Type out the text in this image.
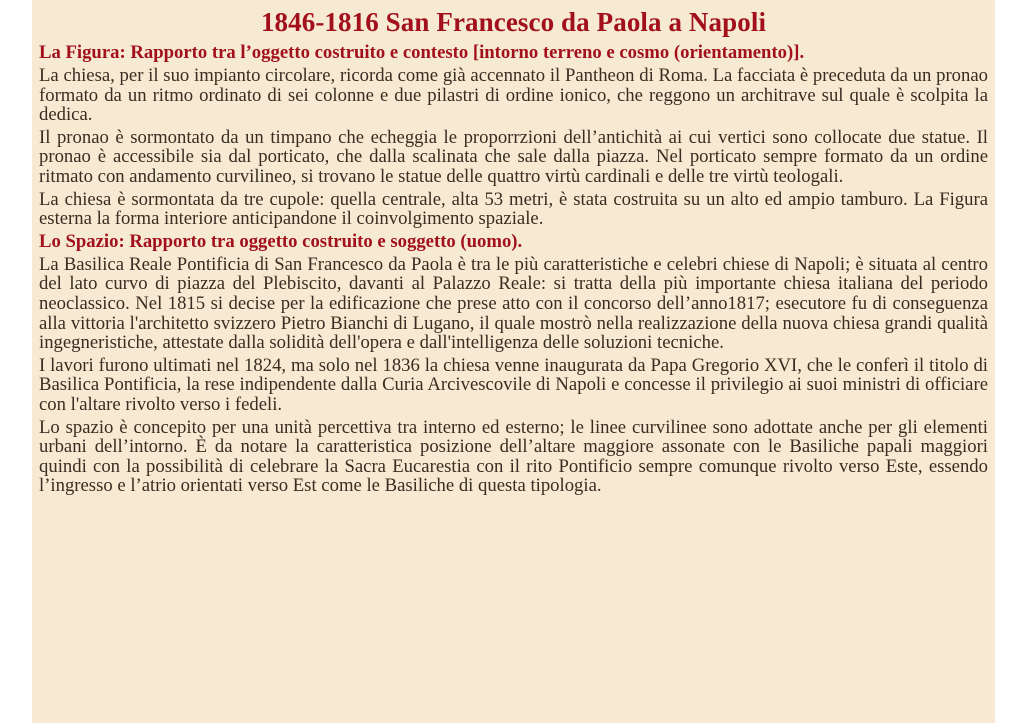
1846-1816 San Francesco da Paola a Napoli
La Figura: Rapporto tra l’oggetto costruito e contesto [intorno terreno e cosmo (orientamento)].

La chiesa, per il suo impianto circolare, ricorda come già accennato il Pantheon di Roma. La facciata è preceduta da un pronao formato da un ritmo ordinato di sei colonne e due pilastri di ordine ionico, che reggono un architrave sul quale è scolpita la dedica.

Il pronao è sormontato da un timpano che echeggia le proporrzioni dell’antichità ai cui vertici sono collocate due statue. Il pronao è accessibile sia dal porticato, che dalla scalinata che sale dalla piazza. Nel porticato sempre formato da un ordine ritmato con andamento curvilineo, si trovano le statue delle quattro virtù cardinali e delle tre virtù teologali.

La chiesa è sormontata da tre cupole: quella centrale, alta 53 metri, è stata costruita su un alto ed ampio tamburo. La Figura esterna la forma interiore anticipandone il coinvolgimento spaziale.

Lo Spazio: Rapporto tra oggetto costruito e soggetto (uomo).

La Basilica Reale Pontificia di San Francesco da Paola è tra le più caratteristiche e celebri chiese di Napoli; è situata al centro del lato curvo di piazza del Plebiscito, davanti al Palazzo Reale: si tratta della più importante chiesa italiana del periodo neoclassico. Nel 1815 si decise per la edificazione che prese atto con il concorso dell’anno1817; esecutore fu di conseguenza alla vittoria l'architetto svizzero Pietro Bianchi di Lugano, il quale mostrò nella realizzazione della nuova chiesa grandi qualità ingegneristiche, attestate dalla solidità dell'opera e dall'intelligenza delle soluzioni tecniche.

I lavori furono ultimati nel 1824, ma solo nel 1836 la chiesa venne inaugurata da Papa Gregorio XVI, che le conferì il titolo di Basilica Pontificia, la rese indipendente dalla Curia Arcivescovile di Napoli e concesse il privilegio ai suoi ministri di officiare con l'altare rivolto verso i fedeli.

Lo spazio è concepito per una unità percettiva tra interno ed esterno; le linee curvilinee sono adottate anche per gli elementi urbani dell’intorno. È da notare la caratteristica posizione dell’altare maggiore assonate con le Basiliche papali maggiori quindi con la possibilità di celebrare la Sacra Eucarestia con il rito Pontificio sempre comunque rivolto verso Este, essendo l’ingresso e l’atrio orientati verso Est come le Basiliche di questa tipologia.
